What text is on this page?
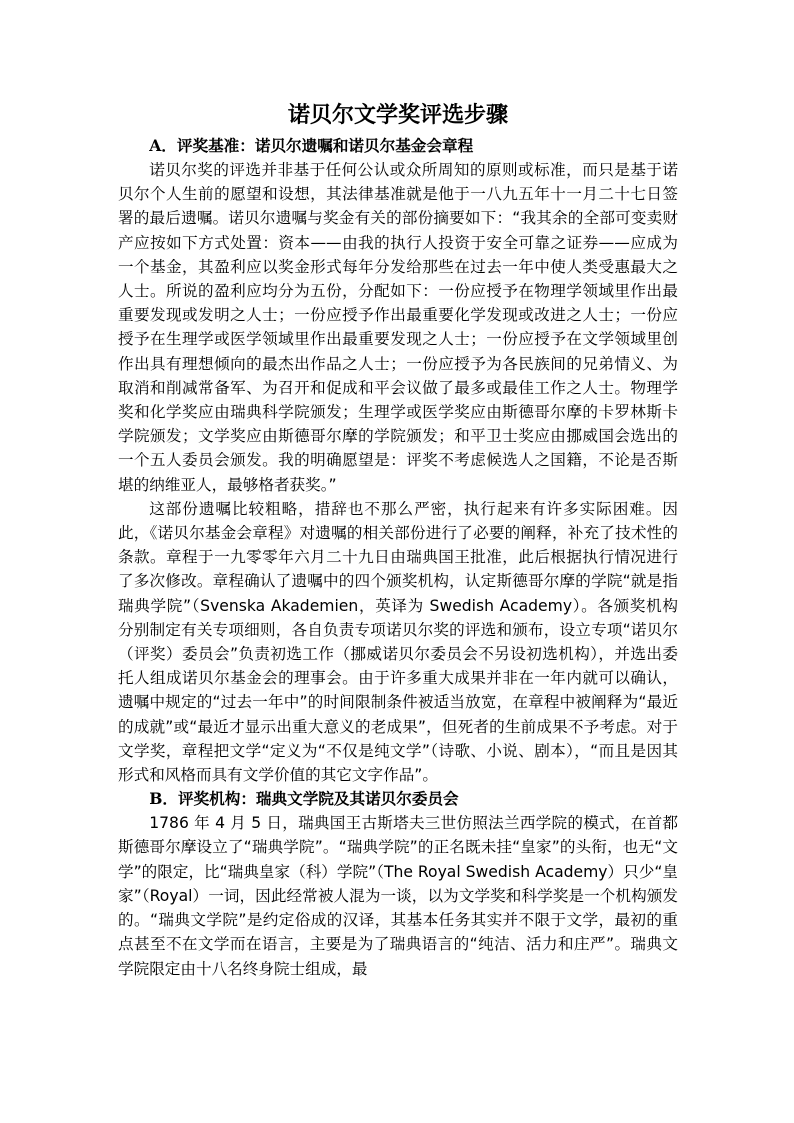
诺贝尔文学奖评选步骤
A．评奖基准：诺贝尔遗嘱和诺贝尔基金会章程

诺贝尔奖的评选并非基于任何公认或众所周知的原则或标准，而只是基于诺贝尔个人生前的愿望和设想，其法律基准就是他于一八九五年十一月二十七日签署的最后遗嘱。诺贝尔遗嘱与奖金有关的部份摘要如下：“我其余的全部可变卖财产应按如下方式处置：资本——由我的执行人投资于安全可靠之证券——应成为一个基金，其盈利应以奖金形式每年分发给那些在过去一年中使人类受惠最大之人士。所说的盈利应均分为五份，分配如下：一份应授予在物理学领域里作出最重要发现或发明之人士；一份应授予作出最重要化学发现或改进之人士；一份应授予在生理学或医学领域里作出最重要发现之人士；一份应授予在文学领域里创作出具有理想倾向的最杰出作品之人士；一份应授予为各民族间的兄弟情义、为取消和削减常备军、为召开和促成和平会议做了最多或最佳工作之人士。物理学奖和化学奖应由瑞典科学院颁发；生理学或医学奖应由斯德哥尔摩的卡罗林斯卡学院颁发；文学奖应由斯德哥尔摩的学院颁发；和平卫士奖应由挪威国会选出的一个五人委员会颁发。我的明确愿望是：评奖不考虑候选人之国籍，不论是否斯堪的纳维亚人，最够格者获奖。”

这部份遗嘱比较粗略，措辞也不那么严密，执行起来有许多实际困难。因此，《诺贝尔基金会章程》对遗嘱的相关部份进行了必要的阐释，补充了技术性的条款。章程于一九零零年六月二十九日由瑞典国王批准，此后根据执行情况进行了多次修改。章程确认了遗嘱中的四个颁奖机构，认定斯德哥尔摩的学院“就是指瑞典学院”（Svenska Akademien，英译为 Swedish Academy）。各颁奖机构分别制定有关专项细则，各自负责专项诺贝尔奖的评选和颁布，设立专项“诺贝尔（评奖）委员会”负责初选工作（挪威诺贝尔委员会不另设初选机构），并选出委托人组成诺贝尔基金会的理事会。由于许多重大成果并非在一年内就可以确认，遗嘱中规定的“过去一年中”的时间限制条件被适当放宽，在章程中被阐释为“最近的成就”或“最近才显示出重大意义的老成果”，但死者的生前成果不予考虑。对于文学奖，章程把文学“定义为“不仅是纯文学”（诗歌、小说、剧本），“而且是因其形式和风格而具有文学价值的其它文字作品”。

B．评奖机构：瑞典文学院及其诺贝尔委员会

1786 年 4 月 5 日，瑞典国王古斯塔夫三世仿照法兰西学院的模式，在首都斯德哥尔摩设立了“瑞典学院”。“瑞典学院”的正名既未挂“皇家”的头衔，也无“文学”的限定，比“瑞典皇家（科）学院”（The Royal Swedish Academy）只少“皇家”（Royal）一词，因此经常被人混为一谈，以为文学奖和科学奖是一个机构颁发的。“瑞典文学院”是约定俗成的汉译，其基本任务其实并不限于文学，最初的重点甚至不在文学而在语言，主要是为了瑞典语言的“纯洁、活力和庄严”。瑞典文学院限定由十八名终身院士组成，最
